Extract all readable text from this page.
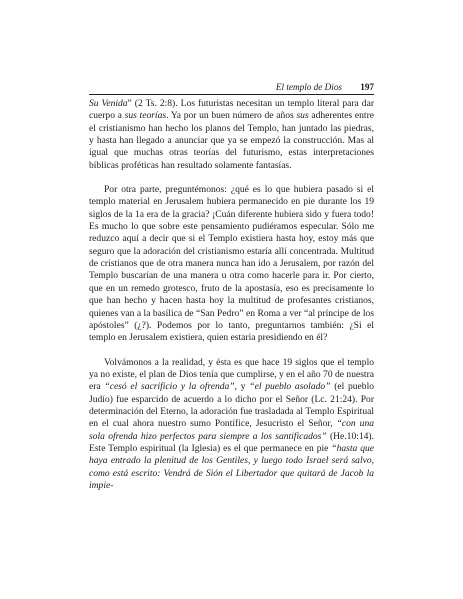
El templo de Dios 197

Su Venida” (2 Ts. 2:8). Los futuristas necesitan un templo literal para dar cuerpo a sus teorías. Ya por un buen número de años sus adherentes entre el cristianismo han hecho los planos del Templo, han juntado las piedras, y hasta han llegado a anunciar que ya se empezó la construcción. Mas al igual que muchas otras teorías del futurismo, estas interpretaciones bíblicas proféticas han resultado solamente fantasías.

Por otra parte, preguntémonos: ¿qué es lo que hubiera pasado si el templo material en Jerusalem hubiera permanecido en pie durante los 19 siglos de la 1a era de la gracia? ¡Cuán diferente hubiera sido y fuera todo! Es mucho lo que sobre este pensamiento pudiéramos especular. Sólo me reduzco aquí a decir que si el Templo existiera hasta hoy, estoy más que seguro que la adoración del cristianismo estaría allí concentrada. Multitud de cristianos que de otra manera nunca han ido a Jerusalem, por razón del Templo buscarían de una manera u otra como hacerle para ir. Por cierto, que en un remedo grotesco, fruto de la apostasía, eso es precisamente lo que han hecho y hacen hasta hoy la multitud de profesantes cristianos, quienes van a la basílica de “San Pedro” en Roma a ver “al príncipe de los apóstoles” (¿?). Podemos por lo tanto, preguntarnos también: ¿Si el templo en Jerusalem existiera, quien estaría presidiendo en él?

Volvámonos a la realidad, y ésta es que hace 19 siglos que el templo ya no existe, el plan de Dios tenía que cumplirse, y en el año 70 de nuestra era “cesó el sacrificio y la ofrenda”, y “el pueblo asolado” (el pueblo Judío) fue esparcido de acuerdo a lo dicho por el Señor (Lc. 21:24). Por determinación del Eterno, la adoración fue trasladada al Templo Espiritual en el cual ahora nuestro sumo Pontífice, Jesucristo el Señor, “con una sola ofrenda hizo perfectos para siempre a los santificados” (He.10:14). Este Templo espiritual (la Iglesia) es el que permanece en pie “hasta que haya entrado la plenitud de los Gentiles, y luego todo Israel será salvo, como está escrito: Vendrá de Sión el Libertador que quitará de Jacob la impie-
